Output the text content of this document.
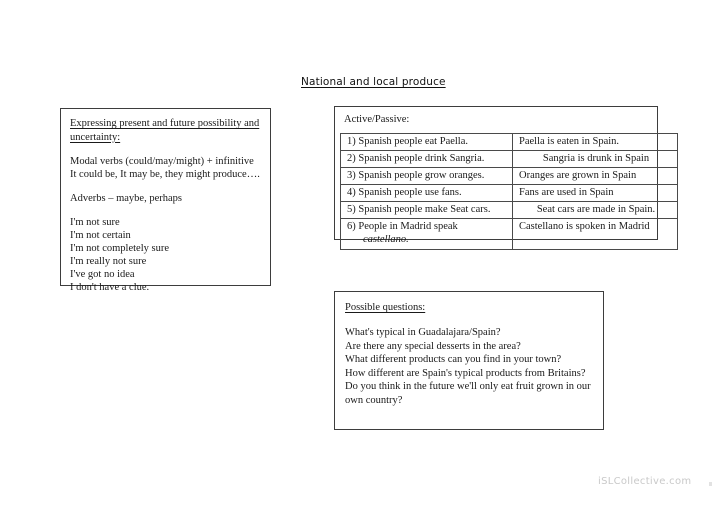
National and local produce
Expressing present and future possibility and uncertainty:
Modal verbs (could/may/might) + infinitive
It could be, It may be, they might produce….
Adverbs – maybe, perhaps
I'm not sure
I'm not certain
I'm not completely sure
I'm really not sure
I've got no idea
I don't have a clue.
Active/Passive:
1) Spanish people eat Paella.	Paella is eaten in Spain.
2) Spanish people drink Sangria.	Sangria is drunk in Spain
3) Spanish people grow oranges.	Oranges are grown in Spain
4) Spanish people use fans.	Fans are used in Spain
5) Spanish people make Seat cars.	Seat cars are made in Spain.
6) People in Madrid speak
castellano.	Castellano is spoken in Madrid
Possible questions:
What's typical in Guadalajara/Spain?
Are there any special desserts in the area?
What different products can you find in your town?
How different are Spain's typical products from Britains?
Do you think in the future we'll only eat fruit grown in our own country?
iSLCollective.com
